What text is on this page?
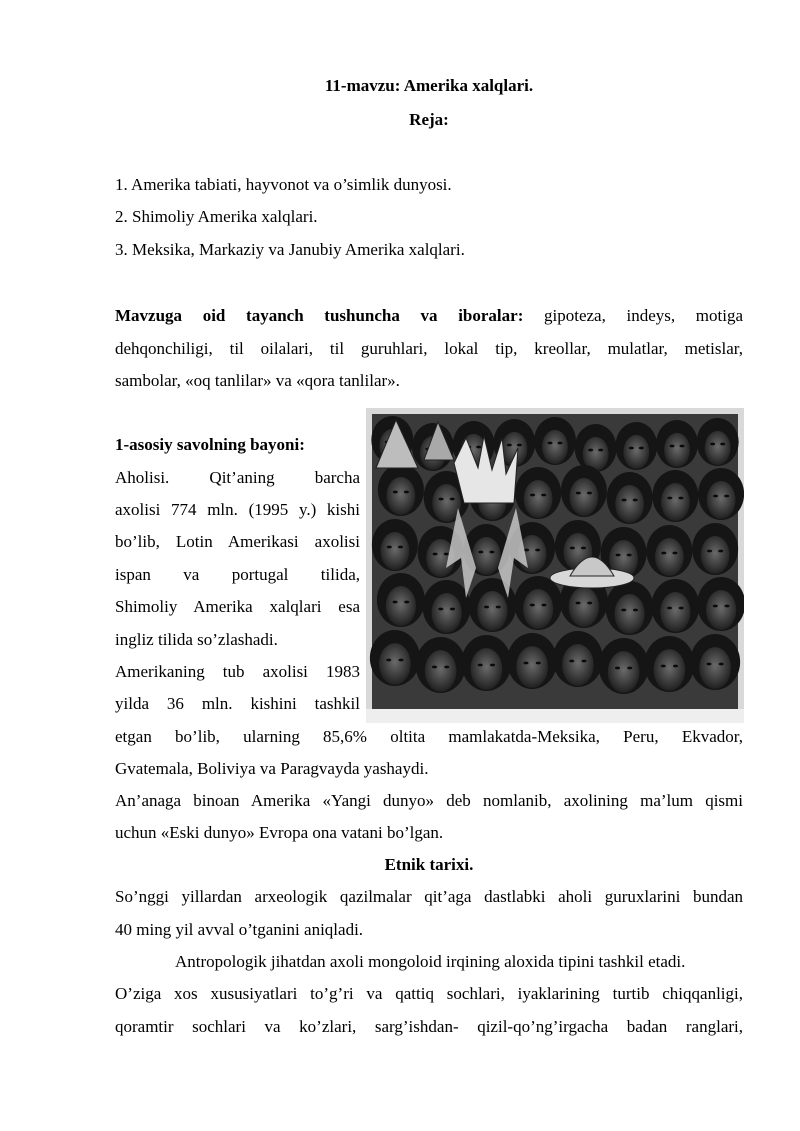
11-mavzu: Amerika xalqlari.
Reja:
1. Amerika tabiati, hayvonot va o’simlik dunyosi.
2. Shimoliy Amerika xalqlari.
3. Meksika, Markaziy va Janubiy Amerika xalqlari.
Mavzuga oid tayanch tushuncha va iboralar: gipoteza, indeys, motiga
dehqonchiligi, til oilalari, til guruhlari, lokal tip, kreollar, mulatlar, metislar,
sambolar, «oq tanlilar» va «qora tanlilar».
1-asosiy savolning bayoni:
Aholisi. Qit’aning barcha
axolisi 774 mln. (1995 y.) kishi
bo’lib, Lotin Amerikasi axolisi
ispan va portugal tilida,
Shimoliy Amerika xalqlari esa
ingliz tilida so’zlashadi.
Amerikaning tub axolisi 1983
yilda 36 mln. kishini tashkil
etgan bo’lib, ularning 85,6% oltita mamlakatda-Meksika, Peru, Ekvador,
Gvatemala, Boliviya va Paragvayda yashaydi.
An’anaga binoan Amerika «Yangi dunyo» deb nomlanib, axolining ma’lum qismi
uchun «Eski dunyo» Evropa ona vatani bo’lgan.
Etnik tarixi.
So’nggi yillardan arxeologik qazilmalar qit’aga dastlabki aholi guruxlarini bundan
40 ming yil avval o’tganini aniqladi.
Antropologik jihatdan axoli mongoloid irqining aloxida tipini tashkil etadi.
O’ziga xos xususiyatlari to’g’ri va qattiq sochlari, iyaklarining turtib chiqqanligi,
qoramtir sochlari va ko’zlari, sarg’ishdan- qizil-qo’ng’irgacha badan ranglari,
